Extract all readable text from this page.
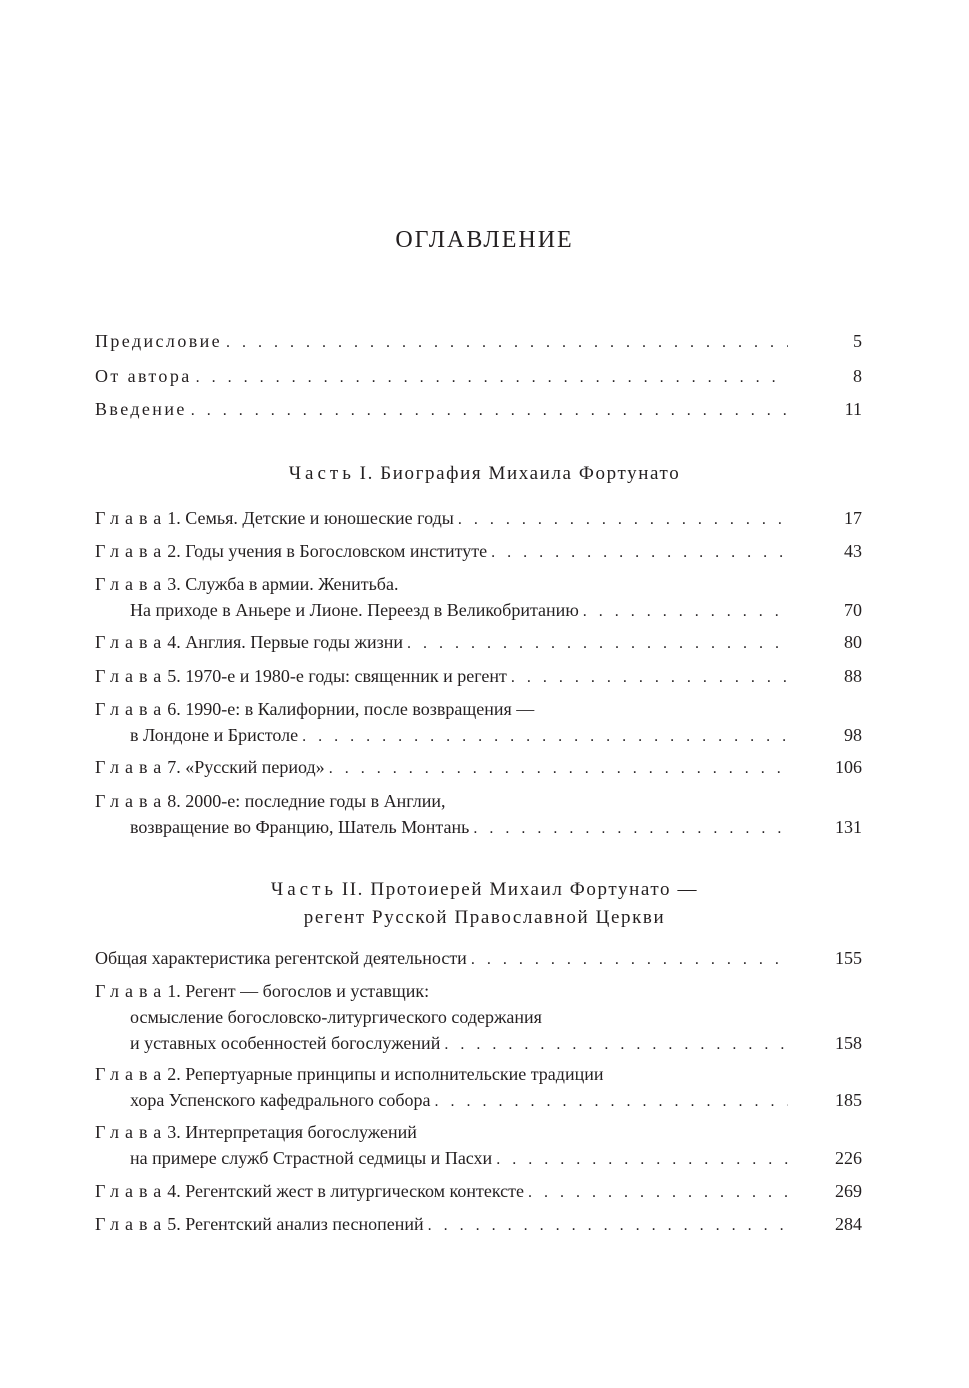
ОГЛАВЛЕНИЕ
Предисловие . . .	5
От автора . . .	8
Введение . . .	11

Часть I. Биография Михаила Фортунато

Глава 1. Семья. Детские и юношеские годы . . .	17
Глава 2. Годы учения в Богословском институте . . .	43
Глава 3. Служба в армии. Женитьба.
На приходе в Аньере и Лионе. Переезд в Великобританию . . .	70
Глава 4. Англия. Первые годы жизни . . .	80
Глава 5. 1970-е и 1980-е годы: священник и регент . . .	88
Глава 6. 1990-е: в Калифорнии, после возвращения —
в Лондоне и Бристоле . . .	98
Глава 7. «Русский период» . . .	106
Глава 8. 2000-е: последние годы в Англии,
возвращение во Францию, Шатель Монтань . . .	131

Часть II. Протоиерей Михаил Фортунато —
регент Русской Православной Церкви

Общая характеристика регентской деятельности . . .	155
Глава 1. Регент — богослов и уставщик:
осмысление богословско-литургического содержания
и уставных особенностей богослужений . . .	158
Глава 2. Репертуарные принципы и исполнительские традиции
хора Успенского кафедрального собора . . .	185
Глава 3. Интерпретация богослужений
на примере служб Страстной седмицы и Пасхи . . .	226
Глава 4. Регентский жест в литургическом контексте . . .	269
Глава 5. Регентский анализ песнопений . . .	284
